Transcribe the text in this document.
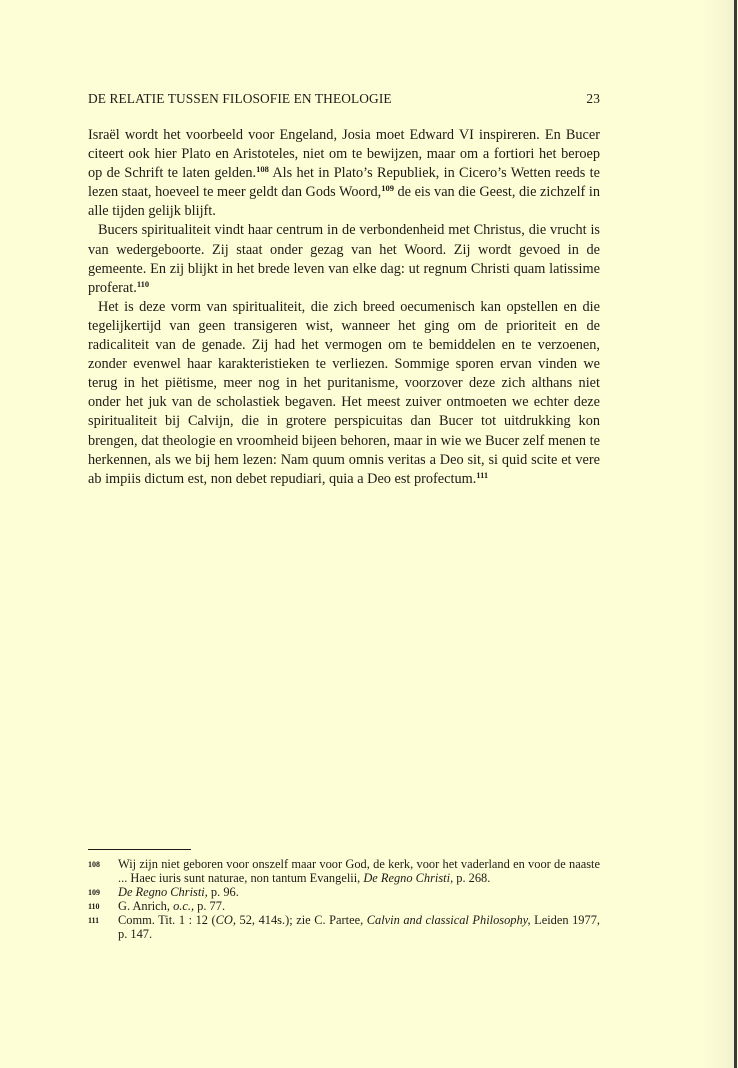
DE RELATIE TUSSEN FILOSOFIE EN THEOLOGIE	23

Israël wordt het voorbeeld voor Engeland, Josia moet Edward VI inspireren. En Bucer citeert ook hier Plato en Aristoteles, niet om te bewijzen, maar om a fortiori het beroep op de Schrift te laten gelden.$^{108}$ Als het in Plato’s Republiek, in Cicero’s Wetten reeds te lezen staat, hoeveel te meer geldt dan Gods Woord,$^{109}$ de eis van die Geest, die zichzelf in alle tijden gelijk blijft.

Bucers spiritualiteit vindt haar centrum in de verbondenheid met Christus, die vrucht is van wedergeboorte. Zij staat onder gezag van het Woord. Zij wordt gevoed in de gemeente. En zij blijkt in het brede leven van elke dag: ut regnum Christi quam latissime proferat.$^{110}$

Het is deze vorm van spiritualiteit, die zich breed oecumenisch kan opstellen en die tegelijkertijd van geen transigeren wist, wanneer het ging om de prioriteit en de radicaliteit van de genade. Zij had het vermogen om te bemiddelen en te verzoenen, zonder evenwel haar karakteristieken te verliezen. Sommige sporen ervan vinden we terug in het piëtisme, meer nog in het puritanisme, voorzover deze zich althans niet onder het juk van de scholastiek begaven. Het meest zuiver ontmoeten we echter deze spiritualiteit bij Calvijn, die in grotere perspicuitas dan Bucer tot uitdrukking kon brengen, dat theologie en vroomheid bijeen behoren, maar in wie we Bucer zelf menen te herkennen, als we bij hem lezen: Nam quum omnis veritas a Deo sit, si quid scite et vere ab impiis dictum est, non debet repudiari, quia a Deo est profectum.$^{111}$

108 Wij zijn niet geboren voor onszelf maar voor God, de kerk, voor het vaderland en voor de naaste ... Haec iuris sunt naturae, non tantum Evangelii, De Regno Christi, p. 268.
109 De Regno Christi, p. 96.
110 G. Anrich, o.c., p. 77.
111 Comm. Tit. 1 : 12 (CO, 52, 414s.); zie C. Partee, Calvin and classical Philosophy, Leiden 1977, p. 147.
